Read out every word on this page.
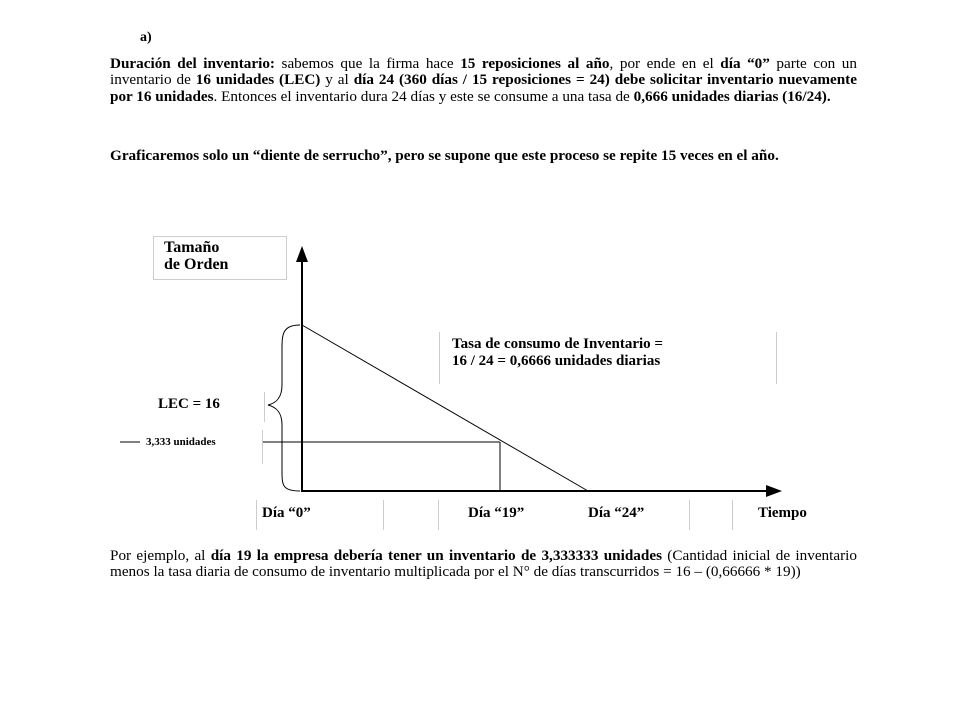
a)
Duración del inventario: sabemos que la firma hace 15 reposiciones al año, por ende en el día “0” parte con un inventario de 16 unidades (LEC) y al día 24 (360 días / 15 reposiciones = 24) debe solicitar inventario nuevamente por 16 unidades. Entonces el inventario dura 24 días y este se consume a una tasa de 0,666 unidades diarias (16/24).
Graficaremos solo un “diente de serrucho”, pero se supone que este proceso se repite 15 veces en el año.
Tamaño
de Orden
Tasa de consumo de Inventario =
16 / 24 = 0,6666 unidades diarias
LEC = 16
3,333 unidades
Día “0”	Día “19”	Día “24”	Tiempo
Por ejemplo, al día 19 la empresa debería tener un inventario de 3,333333 unidades (Cantidad inicial de inventario menos la tasa diaria de consumo de inventario multiplicada por el N° de días transcurridos = 16 – (0,66666 * 19))
